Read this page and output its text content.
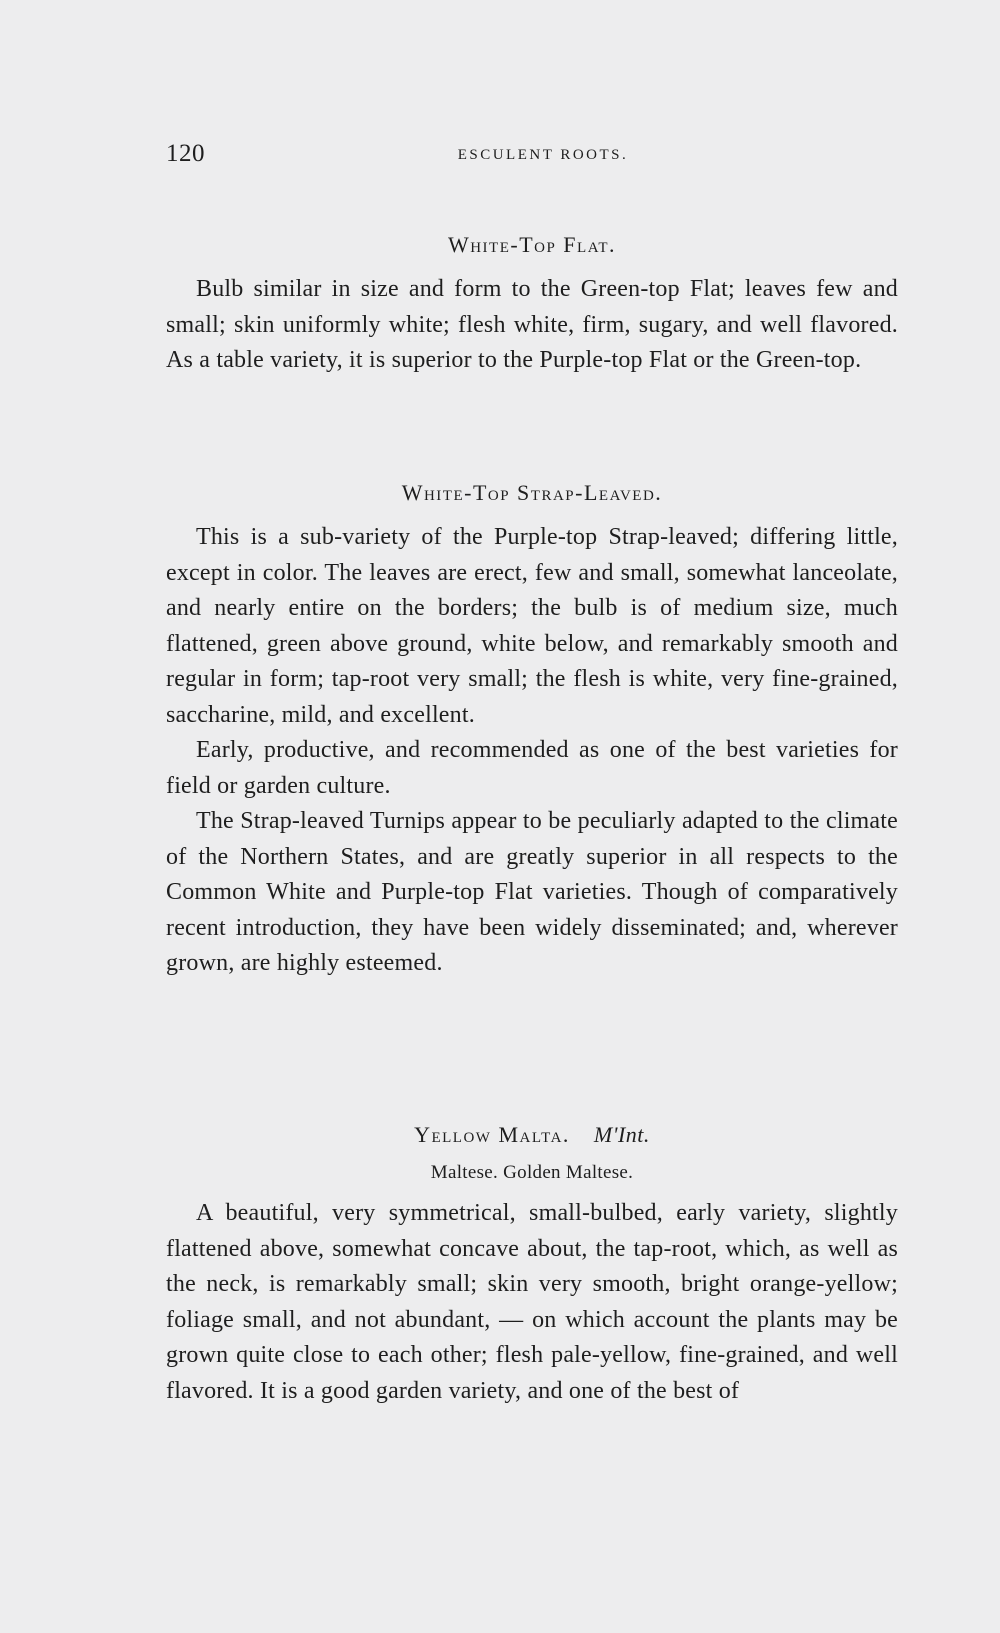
120	ESCULENT ROOTS.
White-Top Flat.

Bulb similar in size and form to the Green-top Flat; leaves few and small; skin uniformly white; flesh white, firm, sugary, and well flavored. As a table variety, it is superior to the Purple-top Flat or the Green-top.

White-Top Strap-Leaved.

This is a sub-variety of the Purple-top Strap-leaved; differing little, except in color. The leaves are erect, few and small, somewhat lanceolate, and nearly entire on the borders; the bulb is of medium size, much flattened, green above ground, white below, and remarkably smooth and regular in form; tap-root very small; the flesh is white, very fine-grained, saccharine, mild, and excellent.

Early, productive, and recommended as one of the best varieties for field or garden culture.

The Strap-leaved Turnips appear to be peculiarly adapted to the climate of the Northern States, and are greatly superior in all respects to the Common White and Purple-top Flat varieties. Though of comparatively recent introduction, they have been widely disseminated; and, wherever grown, are highly esteemed.

Yellow Malta. M'Int.
Maltese. Golden Maltese.

A beautiful, very symmetrical, small-bulbed, early variety, slightly flattened above, somewhat concave about, the tap-root, which, as well as the neck, is remarkably small; skin very smooth, bright orange-yellow; foliage small, and not abundant, — on which account the plants may be grown quite close to each other; flesh pale-yellow, fine-grained, and well flavored. It is a good garden variety, and one of the best of
